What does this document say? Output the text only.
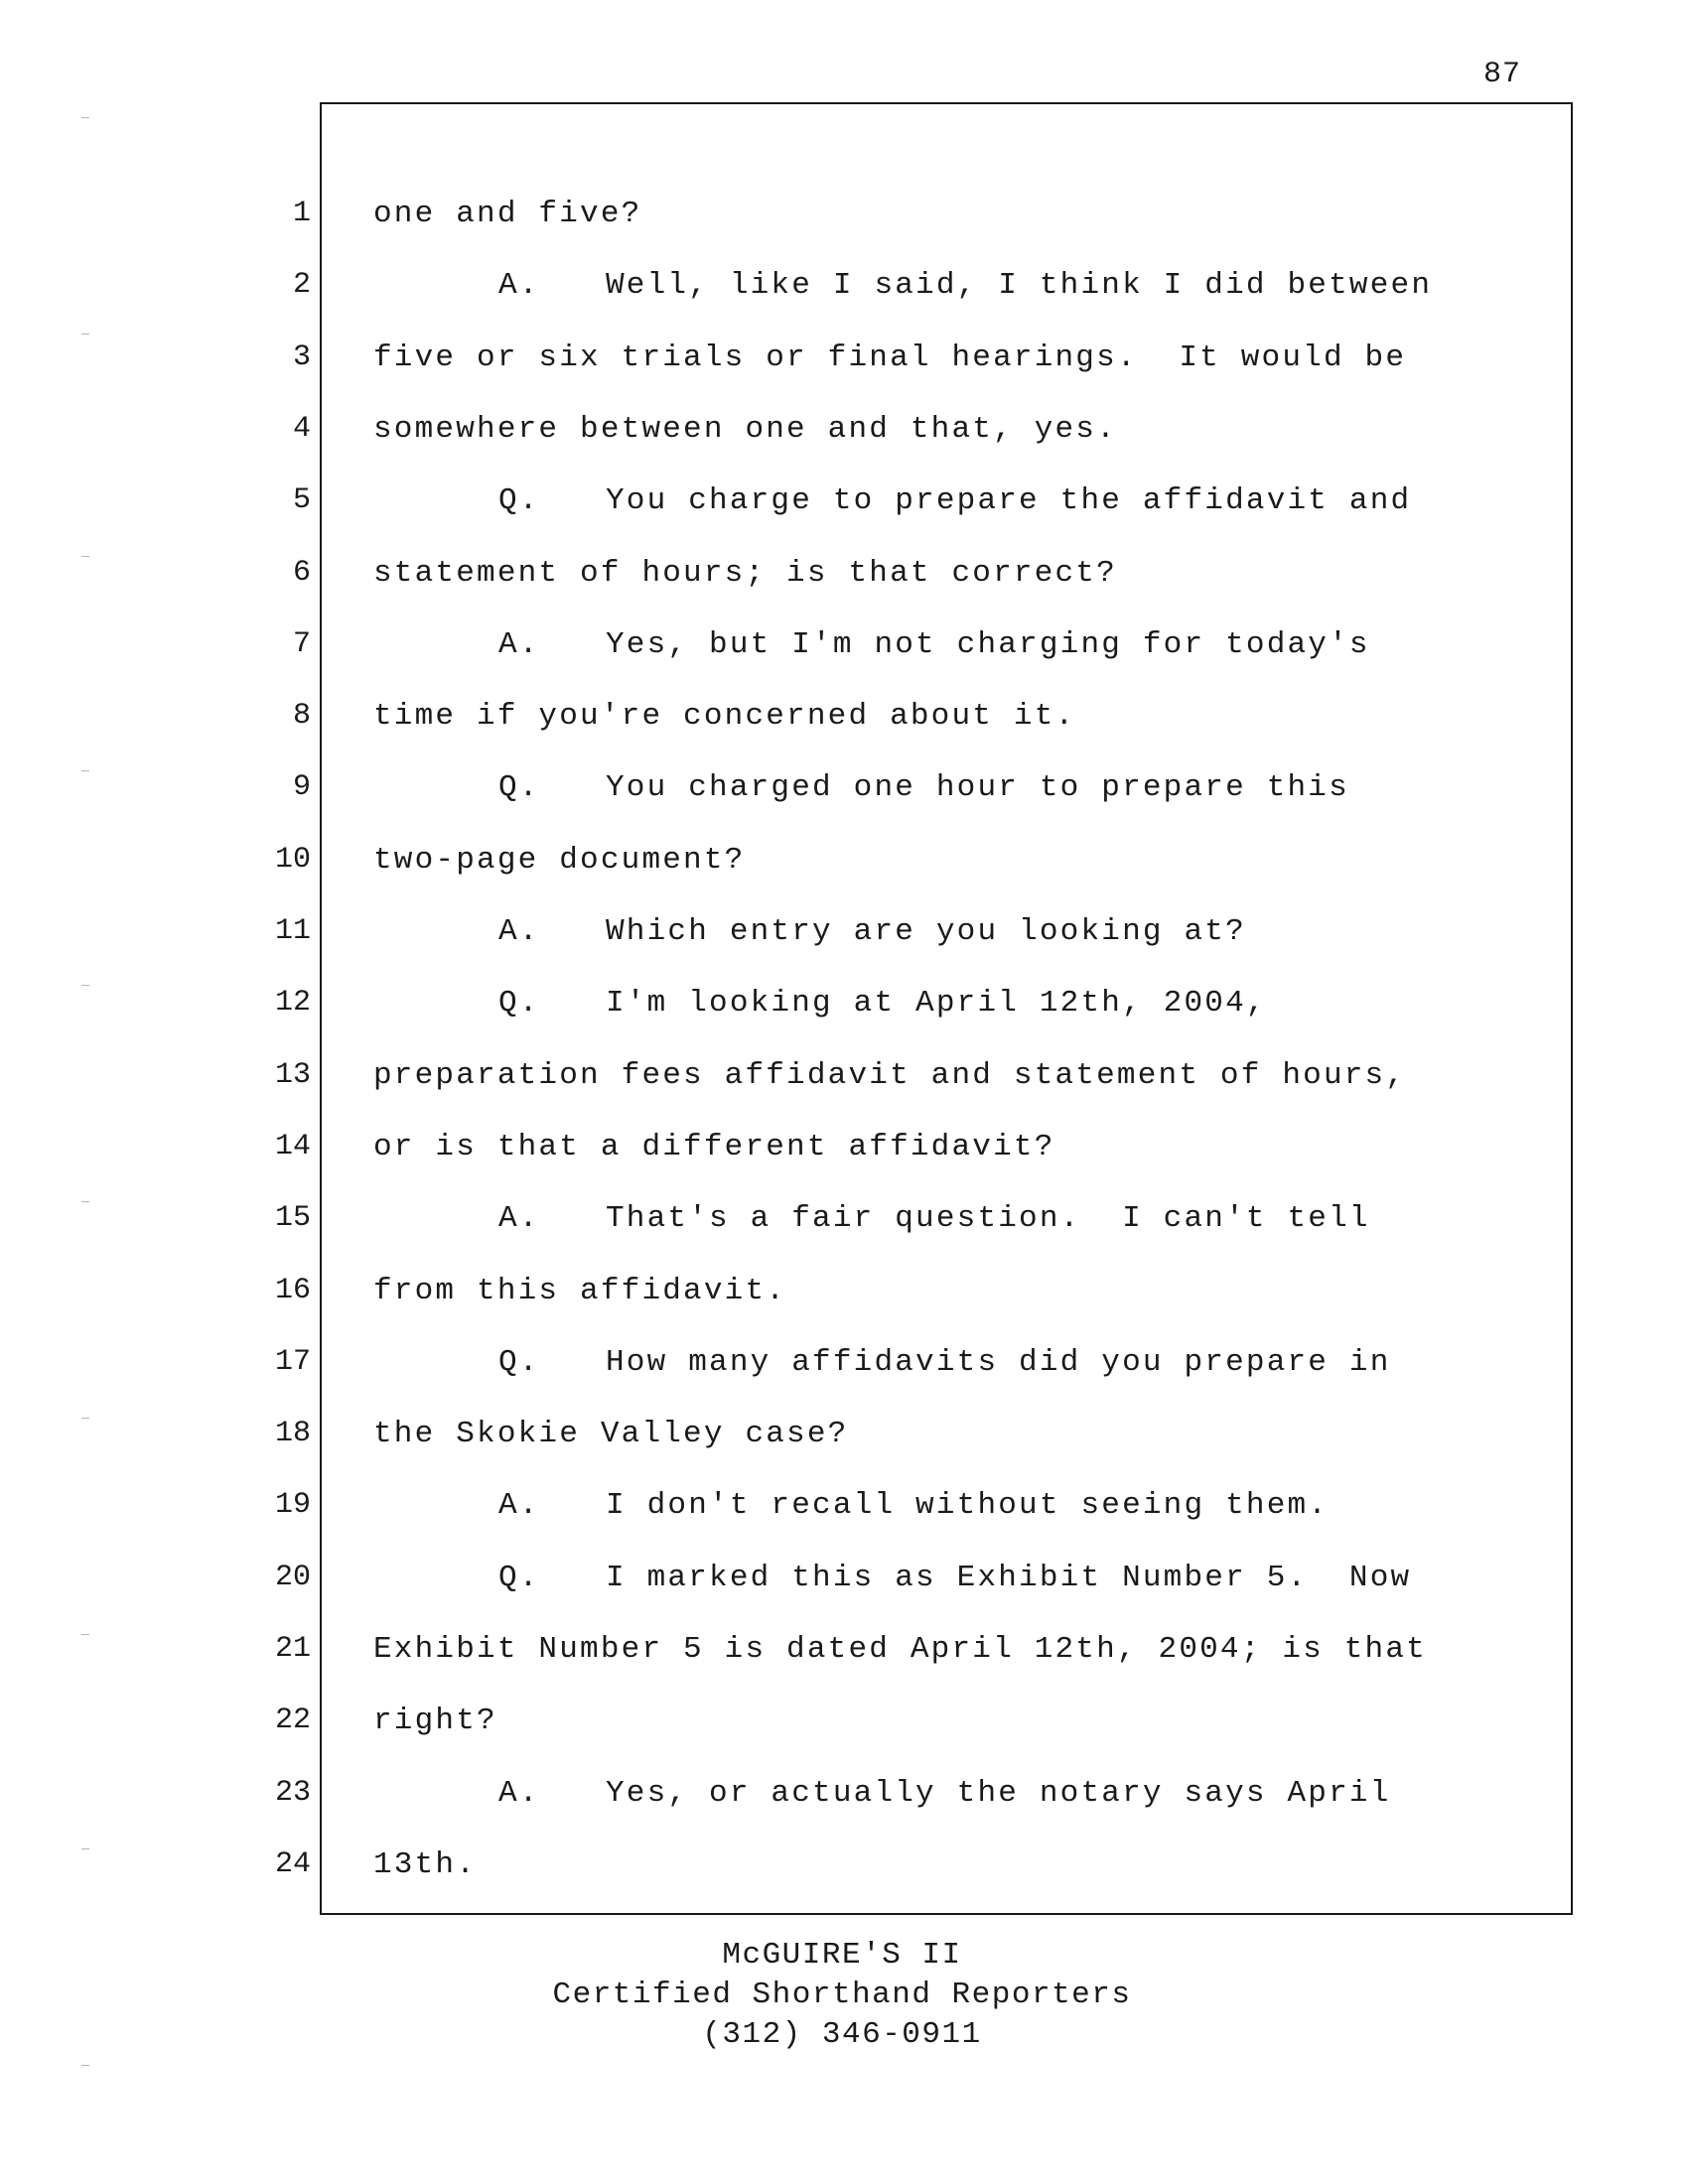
87
1 one and five?
2	A. Well, like I said, I think I did between
3 five or six trials or final hearings.  It would be
4 somewhere between one and that, yes.
5	Q. You charge to prepare the affidavit and
6 statement of hours; is that correct?
7	A. Yes, but I'm not charging for today's
8 time if you're concerned about it.
9	Q. You charged one hour to prepare this
10 two-page document?
11	A. Which entry are you looking at?
12	Q. I'm looking at April 12th, 2004,
13 preparation fees affidavit and statement of hours,
14 or is that a different affidavit?
15	A. That's a fair question.  I can't tell
16 from this affidavit.
17	Q. How many affidavits did you prepare in
18 the Skokie Valley case?
19	A. I don't recall without seeing them.
20	Q. I marked this as Exhibit Number 5.  Now
21 Exhibit Number 5 is dated April 12th, 2004; is that
22 right?
23	A. Yes, or actually the notary says April
24 13th.
McGUIRE'S II
Certified Shorthand Reporters
(312) 346-0911
